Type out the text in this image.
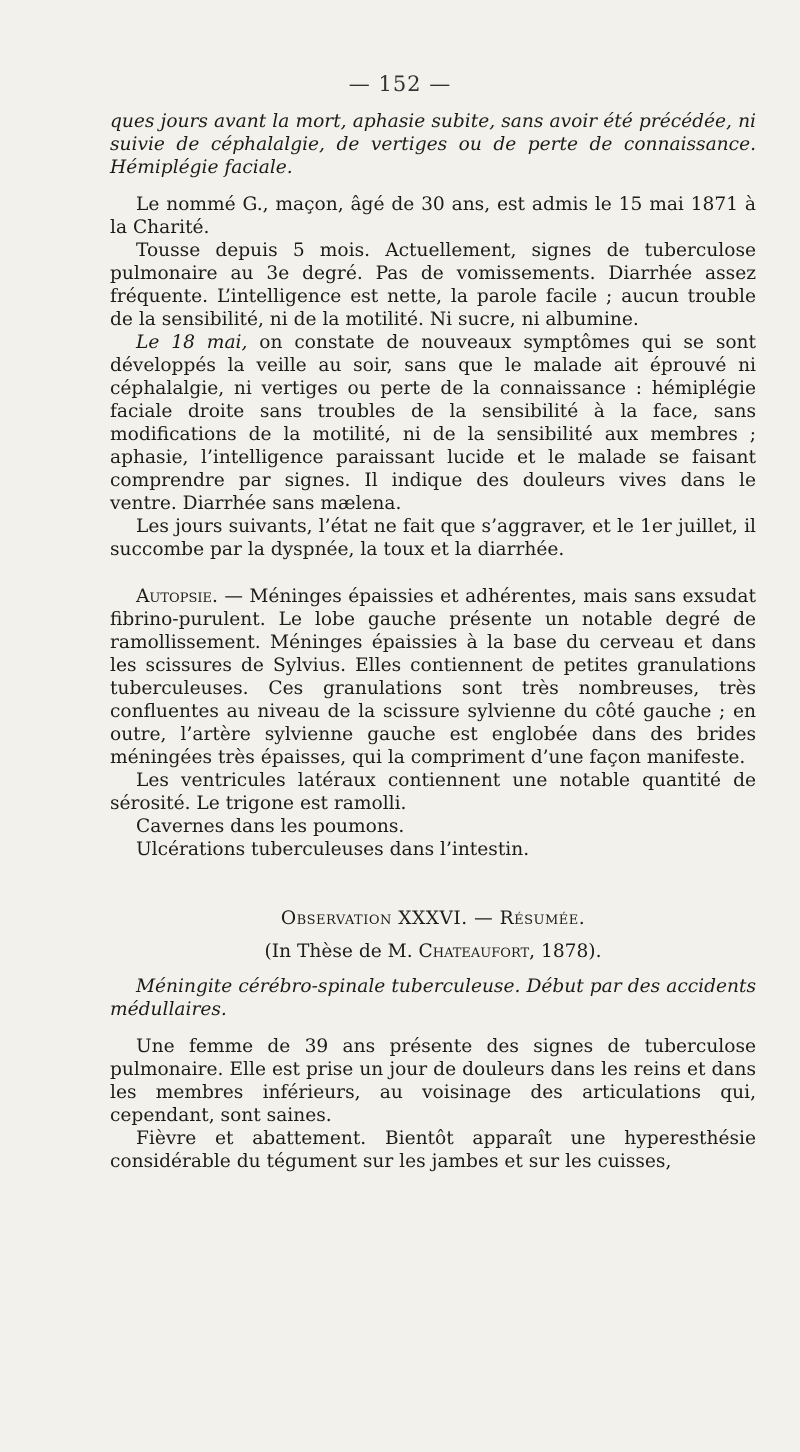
— 152 —

ques jours avant la mort, aphasie subite, sans avoir été précédée, ni suivie de céphalalgie, de vertiges ou de perte de connaissance. Hémiplégie faciale.

Le nommé G., maçon, âgé de 30 ans, est admis le 15 mai 1871 à la Charité.

Tousse depuis 5 mois. Actuellement, signes de tuberculose pulmonaire au 3e degré. Pas de vomissements. Diarrhée assez fréquente. L’intelligence est nette, la parole facile ; aucun trouble de la sensibilité, ni de la motilité. Ni sucre, ni albumine.

Le 18 mai, on constate de nouveaux symptômes qui se sont développés la veille au soir, sans que le malade ait éprouvé ni céphalalgie, ni vertiges ou perte de la connaissance : hémiplégie faciale droite sans troubles de la sensibilité à la face, sans modifications de la motilité, ni de la sensibilité aux membres ; aphasie, l’intelligence paraissant lucide et le malade se faisant comprendre par signes. Il indique des douleurs vives dans le ventre. Diarrhée sans mælena.

Les jours suivants, l’état ne fait que s’aggraver, et le 1er juillet, il succombe par la dyspnée, la toux et la diarrhée.

Autopsie. — Méninges épaissies et adhérentes, mais sans exsudat fibrino-purulent. Le lobe gauche présente un notable degré de ramollissement. Méninges épaissies à la base du cerveau et dans les scissures de Sylvius. Elles contiennent de petites granulations tuberculeuses. Ces granulations sont très nombreuses, très confluentes au niveau de la scissure sylvienne du côté gauche ; en outre, l’artère sylvienne gauche est englobée dans des brides méningées très épaisses, qui la compriment d’une façon manifeste.

Les ventricules latéraux contiennent une notable quantité de sérosité. Le trigone est ramolli.

Cavernes dans les poumons.

Ulcérations tuberculeuses dans l’intestin.

Observation XXXVI. — Résumée.

(In Thèse de M. Chateaufort, 1878).

Méningite cérébro-spinale tuberculeuse. Début par des accidents médullaires.

Une femme de 39 ans présente des signes de tuberculose pulmonaire. Elle est prise un jour de douleurs dans les reins et dans les membres inférieurs, au voisinage des articulations qui, cependant, sont saines.

Fièvre et abattement. Bientôt apparaît une hyperesthésie considérable du tégument sur les jambes et sur les cuisses,
